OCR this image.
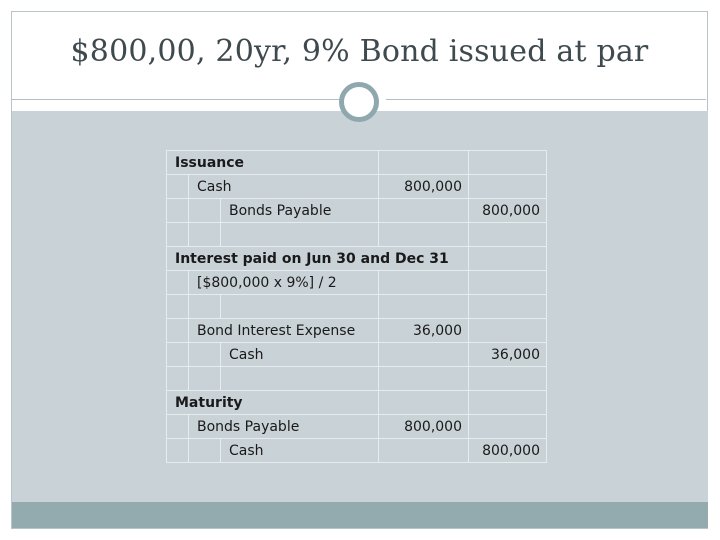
$800,00, 20yr, 9% Bond issued at par
Issuance				
	Cash		800,000	
		Bonds Payable		800,000

Interest paid on Jun 30 and Dec 31				
	[$800,000 x 9%] / 2			

	Bond Interest Expense		36,000	
		Cash		36,000

Maturity				
	Bonds Payable		800,000	
		Cash		800,000
